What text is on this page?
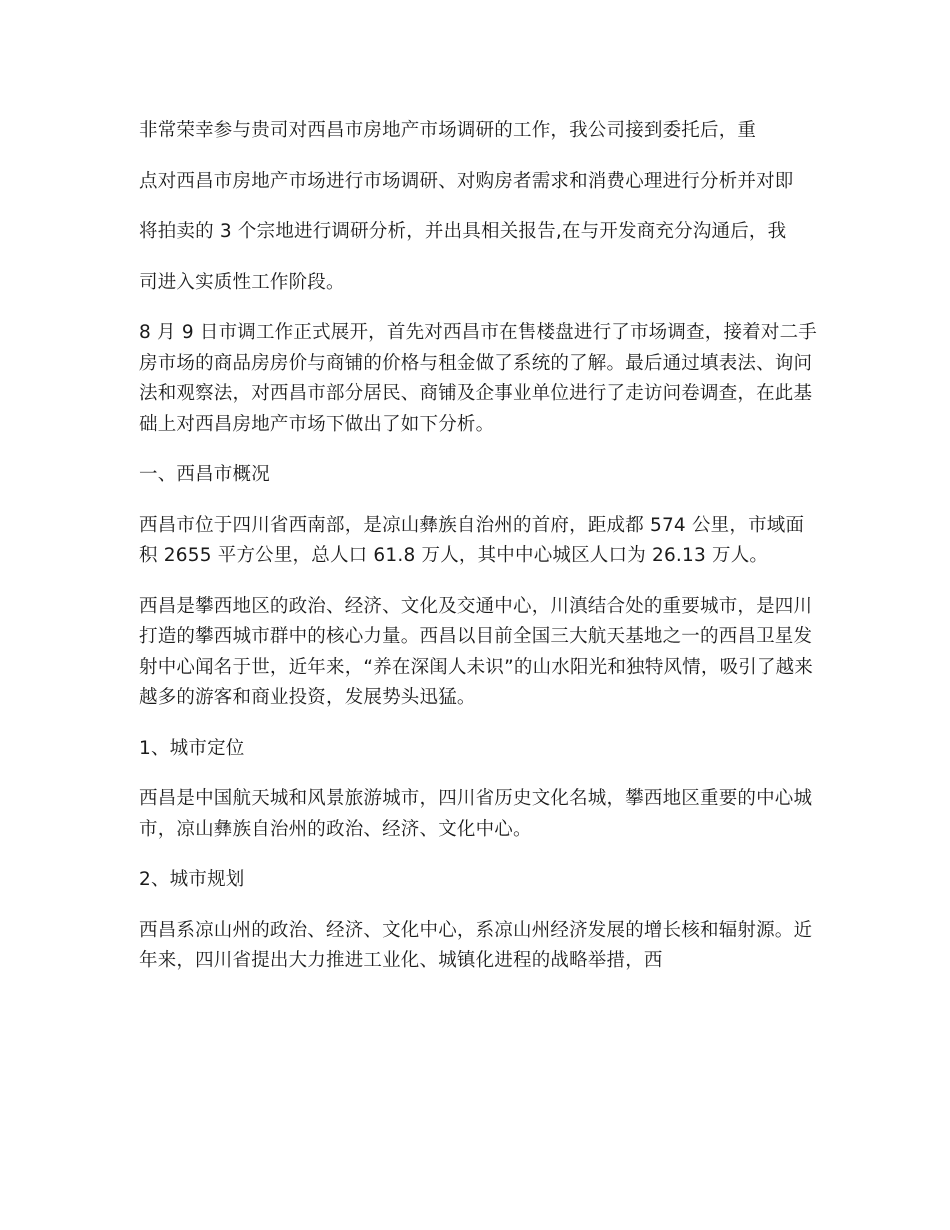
非常荣幸参与贵司对西昌市房地产市场调研的工作，我公司接到委托后，重

点对西昌市房地产市场进行市场调研、对购房者需求和消费心理进行分析并对即

将拍卖的 3 个宗地进行调研分析，并出具相关报告,在与开发商充分沟通后，我

司进入实质性工作阶段。

8 月 9 日市调工作正式展开，首先对西昌市在售楼盘进行了市场调查，接着对二手房市场的商品房房价与商铺的价格与租金做了系统的了解。最后通过填表法、询问法和观察法，对西昌市部分居民、商铺及企事业单位进行了走访问卷调查，在此基础上对西昌房地产市场下做出了如下分析。

一、西昌市概况

西昌市位于四川省西南部，是凉山彝族自治州的首府，距成都 574 公里，市域面积 2655 平方公里，总人口 61.8 万人，其中中心城区人口为 26.13 万人。

西昌是攀西地区的政治、经济、文化及交通中心，川滇结合处的重要城市，是四川打造的攀西城市群中的核心力量。西昌以目前全国三大航天基地之一的西昌卫星发射中心闻名于世，近年来，“养在深闺人未识”的山水阳光和独特风情，吸引了越来越多的游客和商业投资，发展势头迅猛。

1、城市定位

西昌是中国航天城和风景旅游城市，四川省历史文化名城，攀西地区重要的中心城市，凉山彝族自治州的政治、经济、文化中心。

2、城市规划

西昌系凉山州的政治、经济、文化中心，系凉山州经济发展的增长核和辐射源。近年来，四川省提出大力推进工业化、城镇化进程的战略举措，西
